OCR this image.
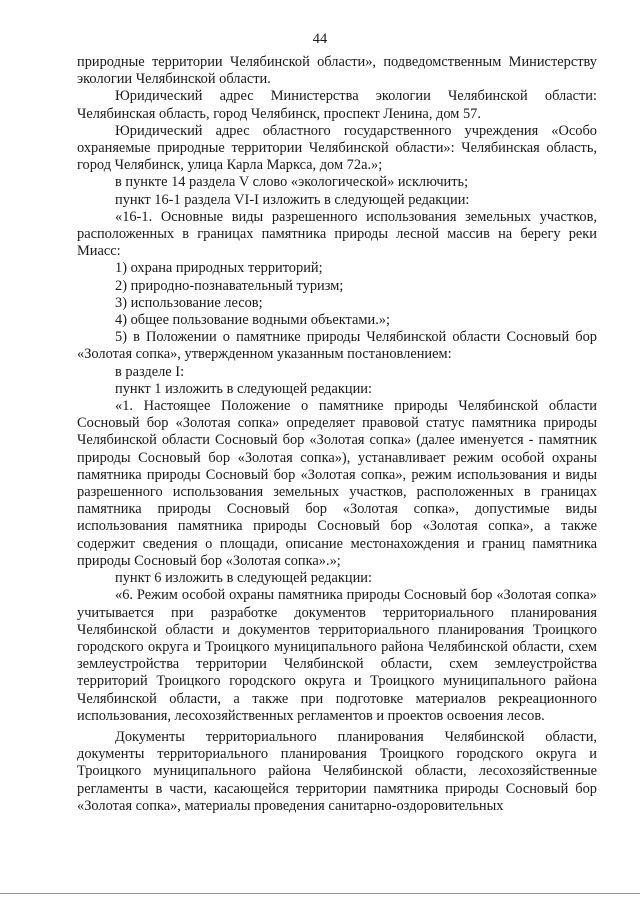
44

природные территории Челябинской области», подведомственным Министерству экологии Челябинской области.

Юридический адрес Министерства экологии Челябинской области: Челябинская область, город Челябинск, проспект Ленина, дом 57.

Юридический адрес областного государственного учреждения «Особо охраняемые природные территории Челябинской области»: Челябинская область, город Челябинск, улица Карла Маркса, дом 72а.»;

в пункте 14 раздела V слово «экологической» исключить;

пункт 16-1 раздела VI-I изложить в следующей редакции:

«16-1. Основные виды разрешенного использования земельных участков, расположенных в границах памятника природы лесной массив на берегу реки Миасс:

1) охрана природных территорий;

2) природно-познавательный туризм;

3) использование лесов;

4) общее пользование водными объектами.»;

5) в Положении о памятнике природы Челябинской области Сосновый бор «Золотая сопка», утвержденном указанным постановлением:

в разделе I:

пункт 1 изложить в следующей редакции:

«1. Настоящее Положение о памятнике природы Челябинской области Сосновый бор «Золотая сопка» определяет правовой статус памятника природы Челябинской области Сосновый бор «Золотая сопка» (далее именуется - памятник природы Сосновый бор «Золотая сопка»), устанавливает режим особой охраны памятника природы Сосновый бор «Золотая сопка», режим использования и виды разрешенного использования земельных участков, расположенных в границах памятника природы Сосновый бор «Золотая сопка», допустимые виды использования памятника природы Сосновый бор «Золотая сопка», а также содержит сведения о площади, описание местонахождения и границ памятника природы Сосновый бор «Золотая сопка».»;

пункт 6 изложить в следующей редакции:

«6. Режим особой охраны памятника природы Сосновый бор «Золотая сопка» учитывается при разработке документов территориального планирования Челябинской области и документов территориального планирования Троицкого городского округа и Троицкого муниципального района Челябинской области, схем землеустройства территории Челябинской области, схем землеустройства территорий Троицкого городского округа и Троицкого муниципального района Челябинской области, а также при подготовке материалов рекреационного использования, лесохозяйственных регламентов и проектов освоения лесов.

Документы территориального планирования Челябинской области, документы территориального планирования Троицкого городского округа и Троицкого муниципального района Челябинской области, лесохозяйственные регламенты в части, касающейся территории памятника природы Сосновый бор «Золотая сопка», материалы проведения санитарно-оздоровительных
